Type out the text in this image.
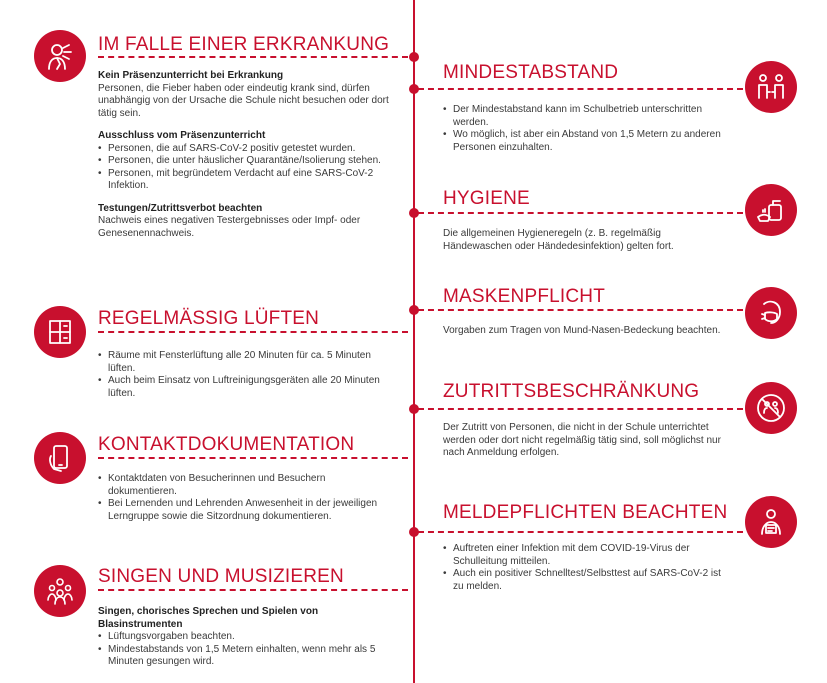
IM FALLE EINER ERKRANKUNG

Kein Präsenzunterricht bei Erkrankung

Personen, die Fieber haben oder eindeutig krank sind, dürfen unabhängig von der Ursache die Schule nicht besuchen oder dort tätig sein.

Ausschluss vom Präsenzunterricht

• Personen, die auf SARS-CoV-2 positiv getestet wurden.
• Personen, die unter häuslicher Quarantäne/Isolierung stehen.
• Personen, mit begründetem Verdacht auf eine SARS-CoV-2 Infektion.

Testungen/Zutrittsverbot beachten

Nachweis eines negativen Testergebnisses oder Impf- oder Genesenennachweis.

REGELMÄSSIG LÜFTEN
• Räume mit Fensterlüftung alle 20 Minuten für ca. 5 Minuten lüften.
• Auch beim Einsatz von Luftreinigungsgeräten alle 20 Minuten lüften.
KONTAKTDOKUMENTATION
• Kontaktdaten von Besucherinnen und Besuchern dokumentieren.
• Bei Lernenden und Lehrenden Anwesenheit in der jeweiligen Lerngruppe sowie die Sitzordnung dokumentieren.
SINGEN UND MUSIZIEREN

Singen, chorisches Sprechen und Spielen von Blasinstrumenten

• Lüftungsvorgaben beachten.
• Mindestabstands von 1,5 Metern einhalten, wenn mehr als 5 Minuten gesungen wird.
MINDESTABSTAND
• Der Mindestabstand kann im Schulbetrieb unterschritten werden.
• Wo möglich, ist aber ein Abstand von 1,5 Metern zu anderen Personen einzuhalten.
HYGIENE

Die allgemeinen Hygieneregeln (z. B. regelmäßig Händewaschen oder Händedesinfektion) gelten fort.

MASKENPFLICHT

Vorgaben zum Tragen von Mund-Nasen-Bedeckung beachten.

ZUTRITTSBESCHRÄNKUNG

Der Zutritt von Personen, die nicht in der Schule unterrichtet werden oder dort nicht regelmäßig tätig sind, soll möglichst nur nach Anmeldung erfolgen.

MELDEPFLICHTEN BEACHTEN
• Auftreten einer Infektion mit dem COVID-19-Virus der Schulleitung mitteilen.
• Auch ein positiver Schnelltest/Selbsttest auf SARS-CoV-2 ist zu melden.
